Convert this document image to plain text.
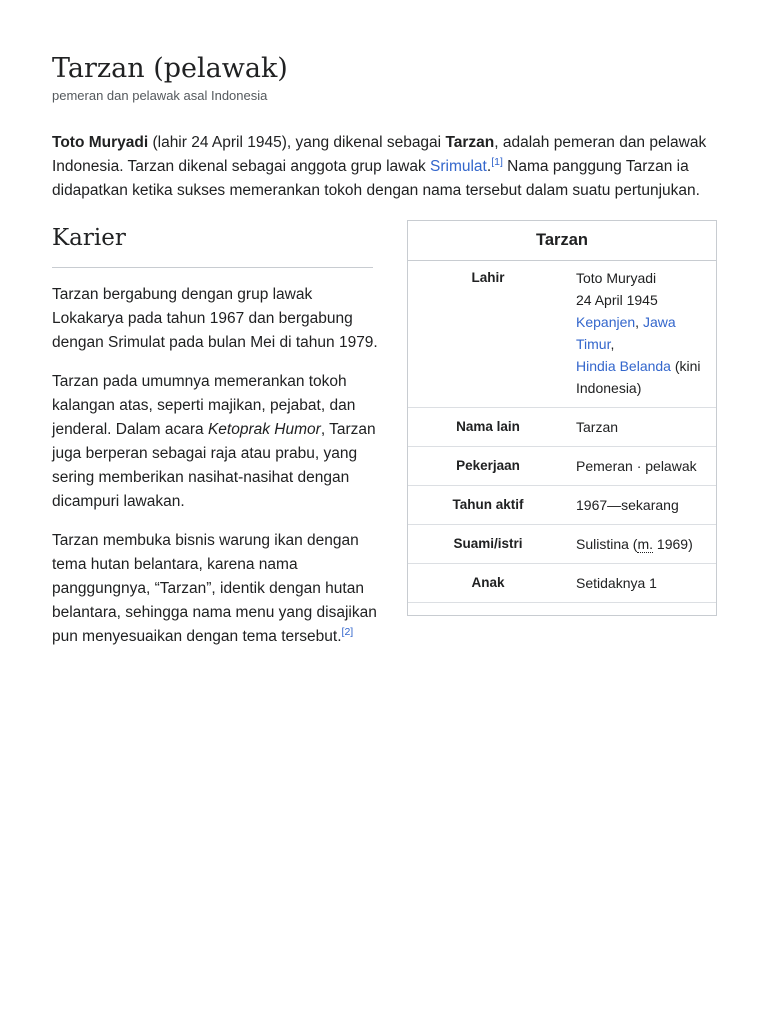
Tarzan (pelawak)
pemeran dan pelawak asal Indonesia

Toto Muryadi (lahir 24 April 1945), yang dikenal sebagai Tarzan, adalah pemeran dan pelawak Indonesia. Tarzan dikenal sebagai anggota grup lawak Srimulat.[1] Nama panggung Tarzan ia didapatkan ketika sukses memerankan tokoh dengan nama tersebut dalam suatu pertunjukan.

Tarzan
Lahir	Toto Muryadi
24 April 1945
Kepanjen, Jawa Timur,
Hindia Belanda (kini Indonesia)
Nama lain	Tarzan
Pekerjaan	Pemeran · pelawak
Tahun aktif	1967—sekarang
Suami/istri	Sulistina (m. 1969)
Anak	Setidaknya 1
Karier

Tarzan bergabung dengan grup lawak Lokakarya pada tahun 1967 dan bergabung dengan Srimulat pada bulan Mei di tahun 1979.

Tarzan pada umumnya memerankan tokoh kalangan atas, seperti majikan, pejabat, dan jenderal. Dalam acara Ketoprak Humor, Tarzan juga berperan sebagai raja atau prabu, yang sering memberikan nasihat-nasihat dengan dicampuri lawakan.

Tarzan membuka bisnis warung ikan dengan tema hutan belantara, karena nama panggungnya, “Tarzan”, identik dengan hutan belantara, sehingga nama menu yang disajikan pun menyesuaikan dengan tema tersebut.[2]
